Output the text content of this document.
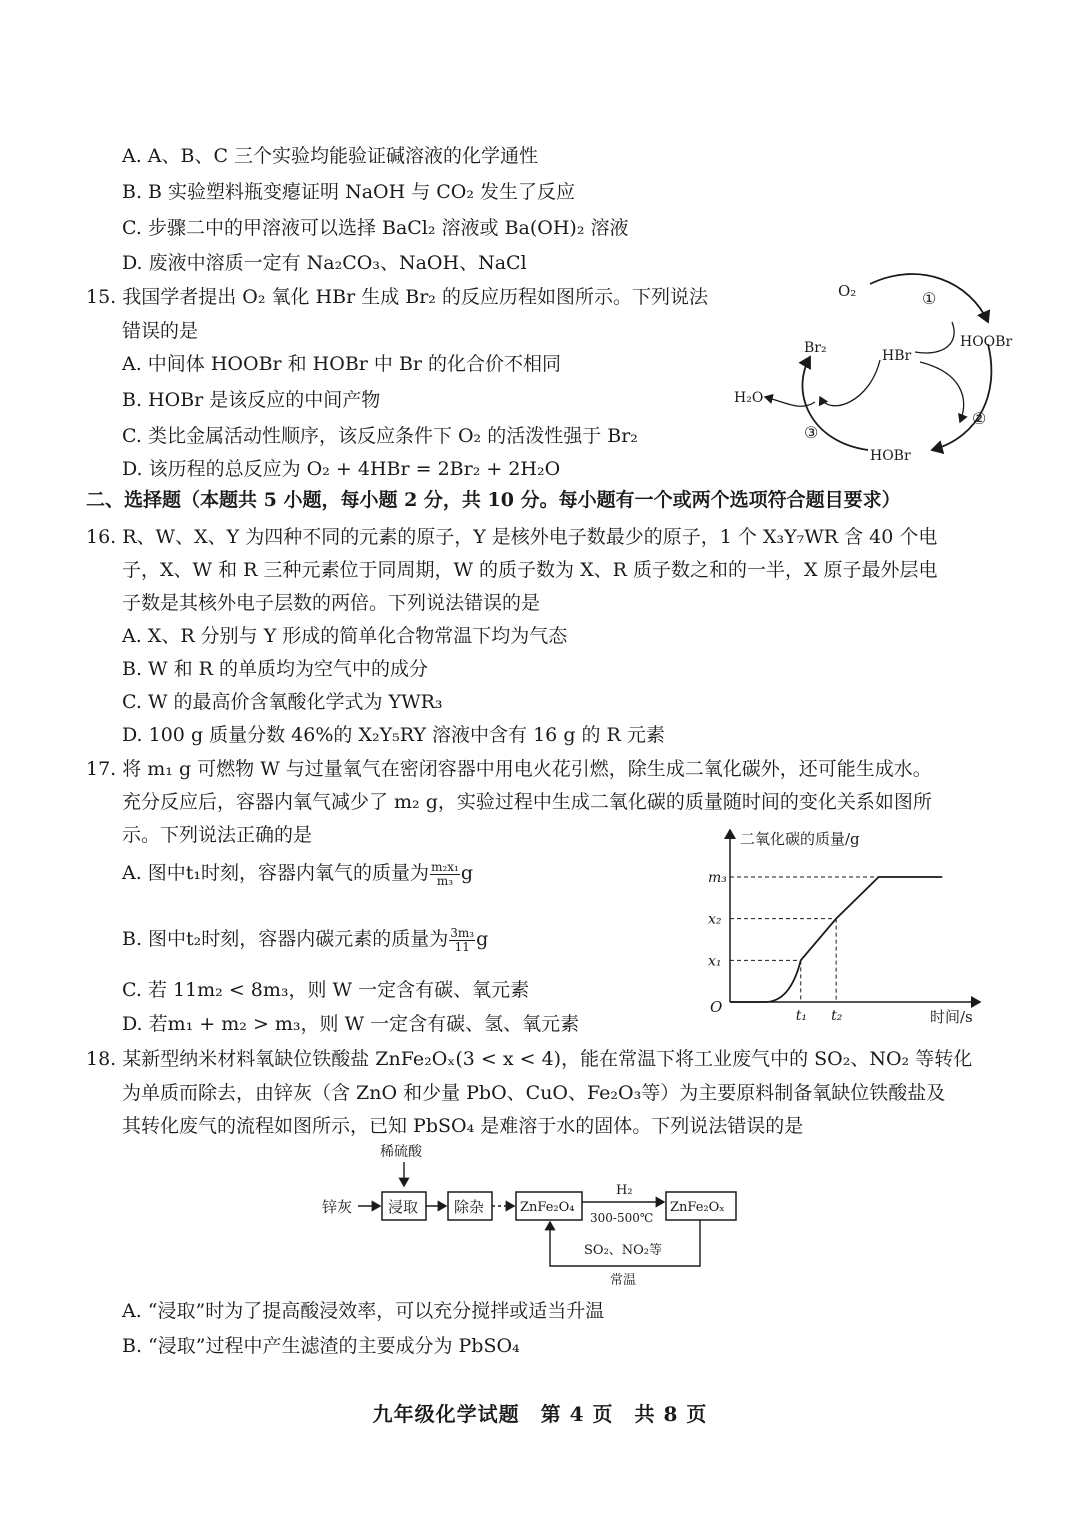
A. A、B、C 三个实验均能验证碱溶液的化学通性
B. B 实验塑料瓶变瘪证明 NaOH 与 CO₂ 发生了反应
C. 步骤二中的甲溶液可以选择 BaCl₂ 溶液或 Ba(OH)₂ 溶液
D. 废液中溶质一定有 Na₂CO₃、NaOH、NaCl
15. 我国学者提出 O₂ 氧化 HBr 生成 Br₂ 的反应历程如图所示。下列说法
错误的是
A. 中间体 HOOBr 和 HOBr 中 Br 的化合价不相同
B. HOBr 是该反应的中间产物
C. 类比金属活动性顺序，该反应条件下 O₂ 的活泼性强于 Br₂
D. 该历程的总反应为 O₂ + 4HBr = 2Br₂ + 2H₂O
O₂
HOOBr
HBr
Br₂
H₂O
HOBr
①
②
③
二、选择题（本题共 5 小题，每小题 2 分，共 10 分。每小题有一个或两个选项符合题目要求）
16. R、W、X、Y 为四种不同的元素的原子，Y 是核外电子数最少的原子，1 个 X₃Y₇WR 含 40 个电
子，X、W 和 R 三种元素位于同周期，W 的质子数为 X、R 质子数之和的一半，X 原子最外层电
子数是其核外电子层数的两倍。下列说法错误的是
A. X、R 分别与 Y 形成的简单化合物常温下均为气态
B. W 和 R 的单质均为空气中的成分
C. W 的最高价含氧酸化学式为 YWR₃
D. 100 g 质量分数 46%的 X₂Y₅RY 溶液中含有 16 g 的 R 元素
17. 将 m₁ g 可燃物 W 与过量氧气在密闭容器中用电火花引燃，除生成二氧化碳外，还可能生成水。
充分反应后，容器内氧气减少了 m₂ g，实验过程中生成二氧化碳的质量随时间的变化关系如图所
示。下列说法正确的是
A. 图中t₁时刻，容器内氧气的质量为 $\frac{\text{m₂x₁}}{\text{m₃}}$ g
B. 图中t₂时刻，容器内碳元素的质量为 $\frac{\text{3m₃}}{11}$ g
C. 若 11m₂ < 8m₃，则 W 一定含有碳、氧元素
D. 若m₁ + m₂ > m₃，则 W 一定含有碳、氢、氧元素
二氧化碳的质量/g
时间/s
O
x₁
t₁
x₂
t₂
m₃
18. 某新型纳米材料氧缺位铁酸盐 ZnFe₂Oₓ(3 < x < 4)，能在常温下将工业废气中的 SO₂、NO₂ 等转化
为单质而除去，由锌灰（含 ZnO 和少量 PbO、CuO、Fe₂O₃等）为主要原料制备氧缺位铁酸盐及
其转化废气的流程如图所示，已知 PbSO₄ 是难溶于水的固体。下列说法错误的是
稀硫酸
锌灰 浸取 除杂	ZnFe₂O₄
H₂
300-500℃
ZnFe₂Oₓ
SO₂、NO₂等
常温
A. “浸取”时为了提高酸浸效率，可以充分搅拌或适当升温
B. “浸取”过程中产生滤渣的主要成分为 PbSO₄
九年级化学试题　第 4 页　共 8 页
